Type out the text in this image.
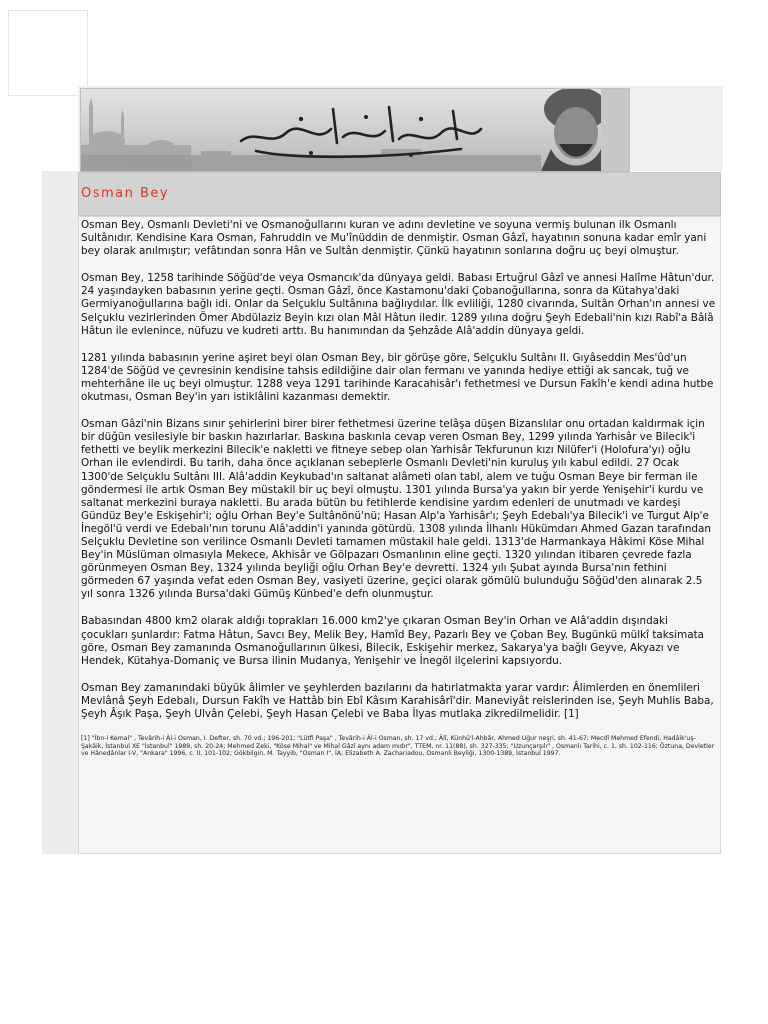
Osman Bey

Osman Bey, Osmanlı Devleti'ni ve Osmanoğullarını kuran ve adını devletine ve soyuna vermiş bulunan ilk Osmanlı Sultânıdır. Kendisine Kara Osman, Fahruddin ve Mu'înüddin de denmiştir. Osman Gâzî, hayatının sonuna kadar emîr yani bey olarak anılmıştır; vefâtından sonra Hân ve Sultân denmiştir. Çünkü hayatının sonlarına doğru uç beyi olmuştur.

Osman Bey, 1258 tarihinde Söğüd'de veya Osmancık'da dünyaya geldi. Babası Ertuğrul Gâzî ve annesi Halîme Hâtun'dur. 24 yaşındayken babasının yerine geçti. Osman Gâzî, önce Kastamonu'daki Çobanoğullarına, sonra da Kütahya'daki Germiyanoğullarına bağlı idi. Onlar da Selçuklu Sultânına bağlıydılar. İlk evliliği, 1280 civarında, Sultân Orhan'ın annesi ve Selçuklu vezirlerinden Ömer Abdülaziz Beyin kızı olan Mâl Hâtun iledir. 1289 yılına doğru Şeyh Edebali'nin kızı Rabî'a Bâlâ Hâtun ile evlenince, nüfuzu ve kudreti arttı. Bu hanımından da Şehzâde Alâ'addin dünyaya geldi.

1281 yılında babasının yerine aşiret beyi olan Osman Bey, bir görüşe göre, Selçuklu Sultânı II. Gıyâseddin Mes'ûd'un 1284'de Söğüd ve çevresinin kendisine tahsis edildiğine dair olan fermanı ve yanında hediye ettiği ak sancak, tuğ ve mehterhâne ile uç beyi olmuştur. 1288 veya 1291 tarihinde Karacahisâr'ı fethetmesi ve Dursun Fakîh'e kendi adına hutbe okutması, Osman Bey'in yarı istiklâlini kazanması demektir.

Osman Gâzi'nin Bizans sınır şehirlerini birer birer fethetmesi üzerine telâşa düşen Bizanslılar onu ortadan kaldırmak için bir düğün vesilesiyle bir baskın hazırlarlar. Baskına baskınla cevap veren Osman Bey, 1299 yılında Yarhisâr ve Bilecik'i fethetti ve beylik merkezini Bilecik'e nakletti ve fitneye sebep olan Yarhisâr Tekfurunun kızı Nilüfer'i (Holofura'yı) oğlu Orhan ile evlendirdi. Bu tarih, daha önce açıklanan sebeplerle Osmanlı Devleti'nin kuruluş yılı kabul edildi. 27 Ocak 1300'de Selçuklu Sultânı III. Alâ'addin Keykubad'ın saltanat alâmeti olan tabl, alem ve tuğu Osman Beye bir ferman ile göndermesi ile artık Osman Bey müstakil bir uç beyi olmuştu. 1301 yılında Bursa'ya yakın bir yerde Yenişehir'i kurdu ve saltanat merkezini buraya nakletti. Bu arada bütün bu fetihlerde kendisine yardım edenleri de unutmadı ve kardeşi Gündüz Bey'e Eskişehir'i; oğlu Orhan Bey'e Sultânönü'nü; Hasan Alp'a Yarhisâr'ı; Şeyh Edebalı'ya Bilecik'i ve Turgut Alp'e İnegöl'ü verdi ve Edebalı'nın torunu Alâ'addin'i yanında götürdü. 1308 yılında İlhanlı Hükümdarı Ahmed Gazan tarafından Selçuklu Devletine son verilince Osmanlı Devleti tamamen müstakil hale geldi. 1313'de Harmankaya Hâkimi Köse Mihal Bey'in Müslüman olmasıyla Mekece, Akhisâr ve Gölpazarı Osmanlının eline geçti. 1320 yılından itibaren çevrede fazla görünmeyen Osman Bey, 1324 yılında beyliği oğlu Orhan Bey'e devretti. 1324 yılı Şubat ayında Bursa'nın fethini görmeden 67 yaşında vefat eden Osman Bey, vasiyeti üzerine, geçici olarak gömülü bulunduğu Söğüd'den alınarak 2.5 yıl sonra 1326 yılında Bursa'daki Gümüş Künbed'e defn olunmuştur.

Babasından 4800 km2 olarak aldığı toprakları 16.000 km2'ye çıkaran Osman Bey'in Orhan ve Alâ'addin dışındaki çocukları şunlardır: Fatma Hâtun, Savcı Bey, Melik Bey, Hamîd Bey, Pazarlı Bey ve Çoban Bey. Bugünkü mülkî taksimata göre, Osman Bey zamanında Osmanoğullarının ülkesi, Bilecik, Eskişehir merkez, Sakarya'ya bağlı Geyve, Akyazı ve Hendek, Kütahya-Domaniç ve Bursa ilinin Mudanya, Yenişehir ve İnegöl ilçelerini kapsıyordu.

Osman Bey zamanındaki büyük âlimler ve şeyhlerden bazılarını da hatırlatmakta yarar vardır: Âlimlerden en önemlileri Mevlânâ Şeyh Edebalı, Dursun Fakîh ve Hattâb bin Ebî Kâsım Karahisârî'dir. Maneviyât reislerinden ise, Şeyh Muhlis Baba, Şeyh Âşık Paşa, Şeyh Ulvân Çelebi, Şeyh Hasan Çelebi ve Baba İlyas mutlaka zikredilmelidir. [1]

[1] "İbn-i Kemal" , Tevârih-i Âl-i Osman, I. Defter, sh. 70 vd.; 196-201; "Lütfi Paşa" , Tevârih-i Âl-i Osman, sh. 17 vd.; Âlî, Künhü'l-Ahbâr, Ahmed Uğur neşri, sh. 41-67; Mecdî Mehmed Efendi, Hadâik'uş-Şakâik, İstanbul XE "İstanbul" 1989, sh. 20-24; Mehmed Zeki, "Köse Mihal" ve Mihal Gâzî aynı adam mıdır", TTEM, nr. 11(88), sh. 327-335; "Uzunçarşılı" , Osmanlı Tarihi, c. 1, sh. 102-116; Öztuna, Devletler ve Hânedânlar I-V, "Ankara" 1996, c. II, 101-102; Gökbilgin, M. Tayyib, "Osman I", İA; Elizabeth A. Zachariadou, Osmanlı Beyliği, 1300-1389, İstanbul 1997.
